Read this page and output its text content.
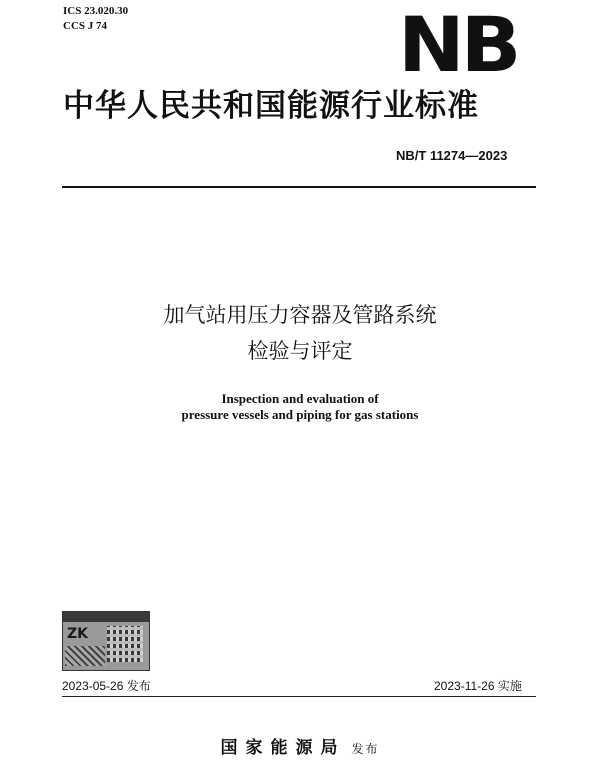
ICS 23.020.30
CCS J 74	NB
中华人民共和国能源行业标准
NB/T 11274—2023
加气站用压力容器及管路系统
检验与评定
Inspection and evaluation of
pressure vessels and piping for gas stations
ZK
2023-05-26 发布	2023-11-26 实施
国家能源局 发布
